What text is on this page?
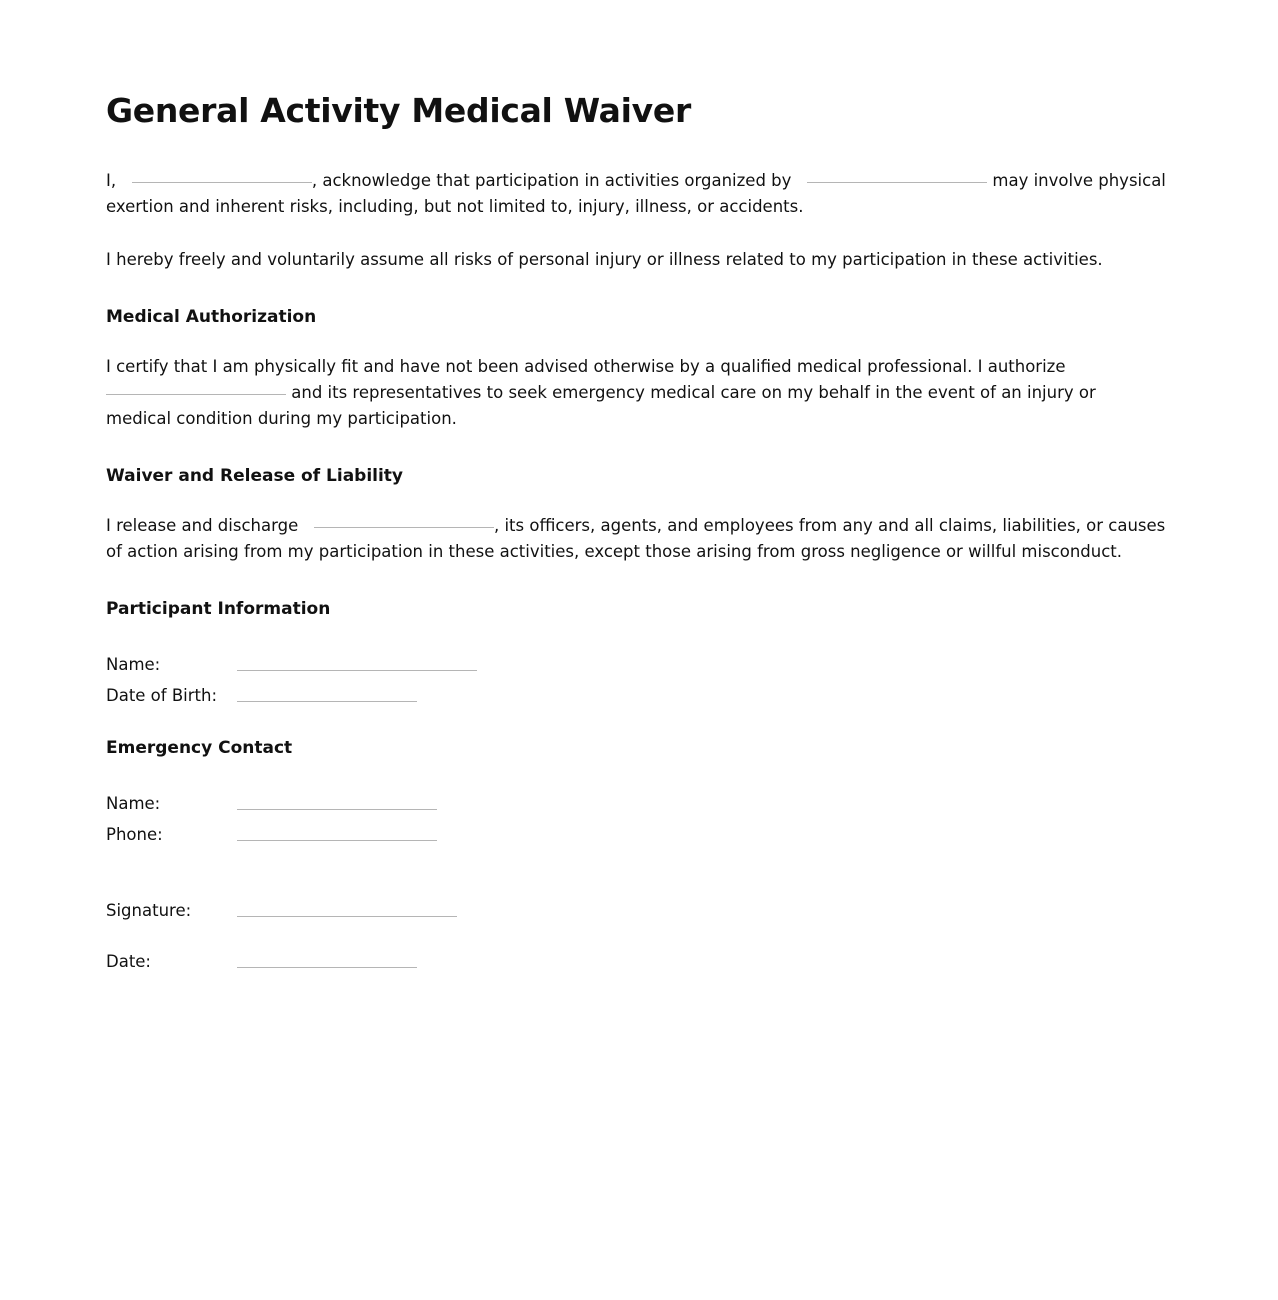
General Activity Medical Waiver

I,	, acknowledge that participation in activities organized by	may involve physical exertion and inherent risks, including, but not limited to, injury, illness, or accidents.

I hereby freely and voluntarily assume all risks of personal injury or illness related to my participation in these activities.

Medical Authorization

I certify that I am physically fit and have not been advised otherwise by a qualified medical professional. I authorize    and its representatives to seek emergency medical care on my behalf in the event of an injury or medical condition during my participation.

Waiver and Release of Liability

I release and discharge	, its officers, agents, and employees from any and all claims, liabilities, or causes of action arising from my participation in these activities, except those arising from gross negligence or willful misconduct.

Participant Information
Name:
Date of Birth:
Emergency Contact
Name:
Phone:
Signature:
Date:
